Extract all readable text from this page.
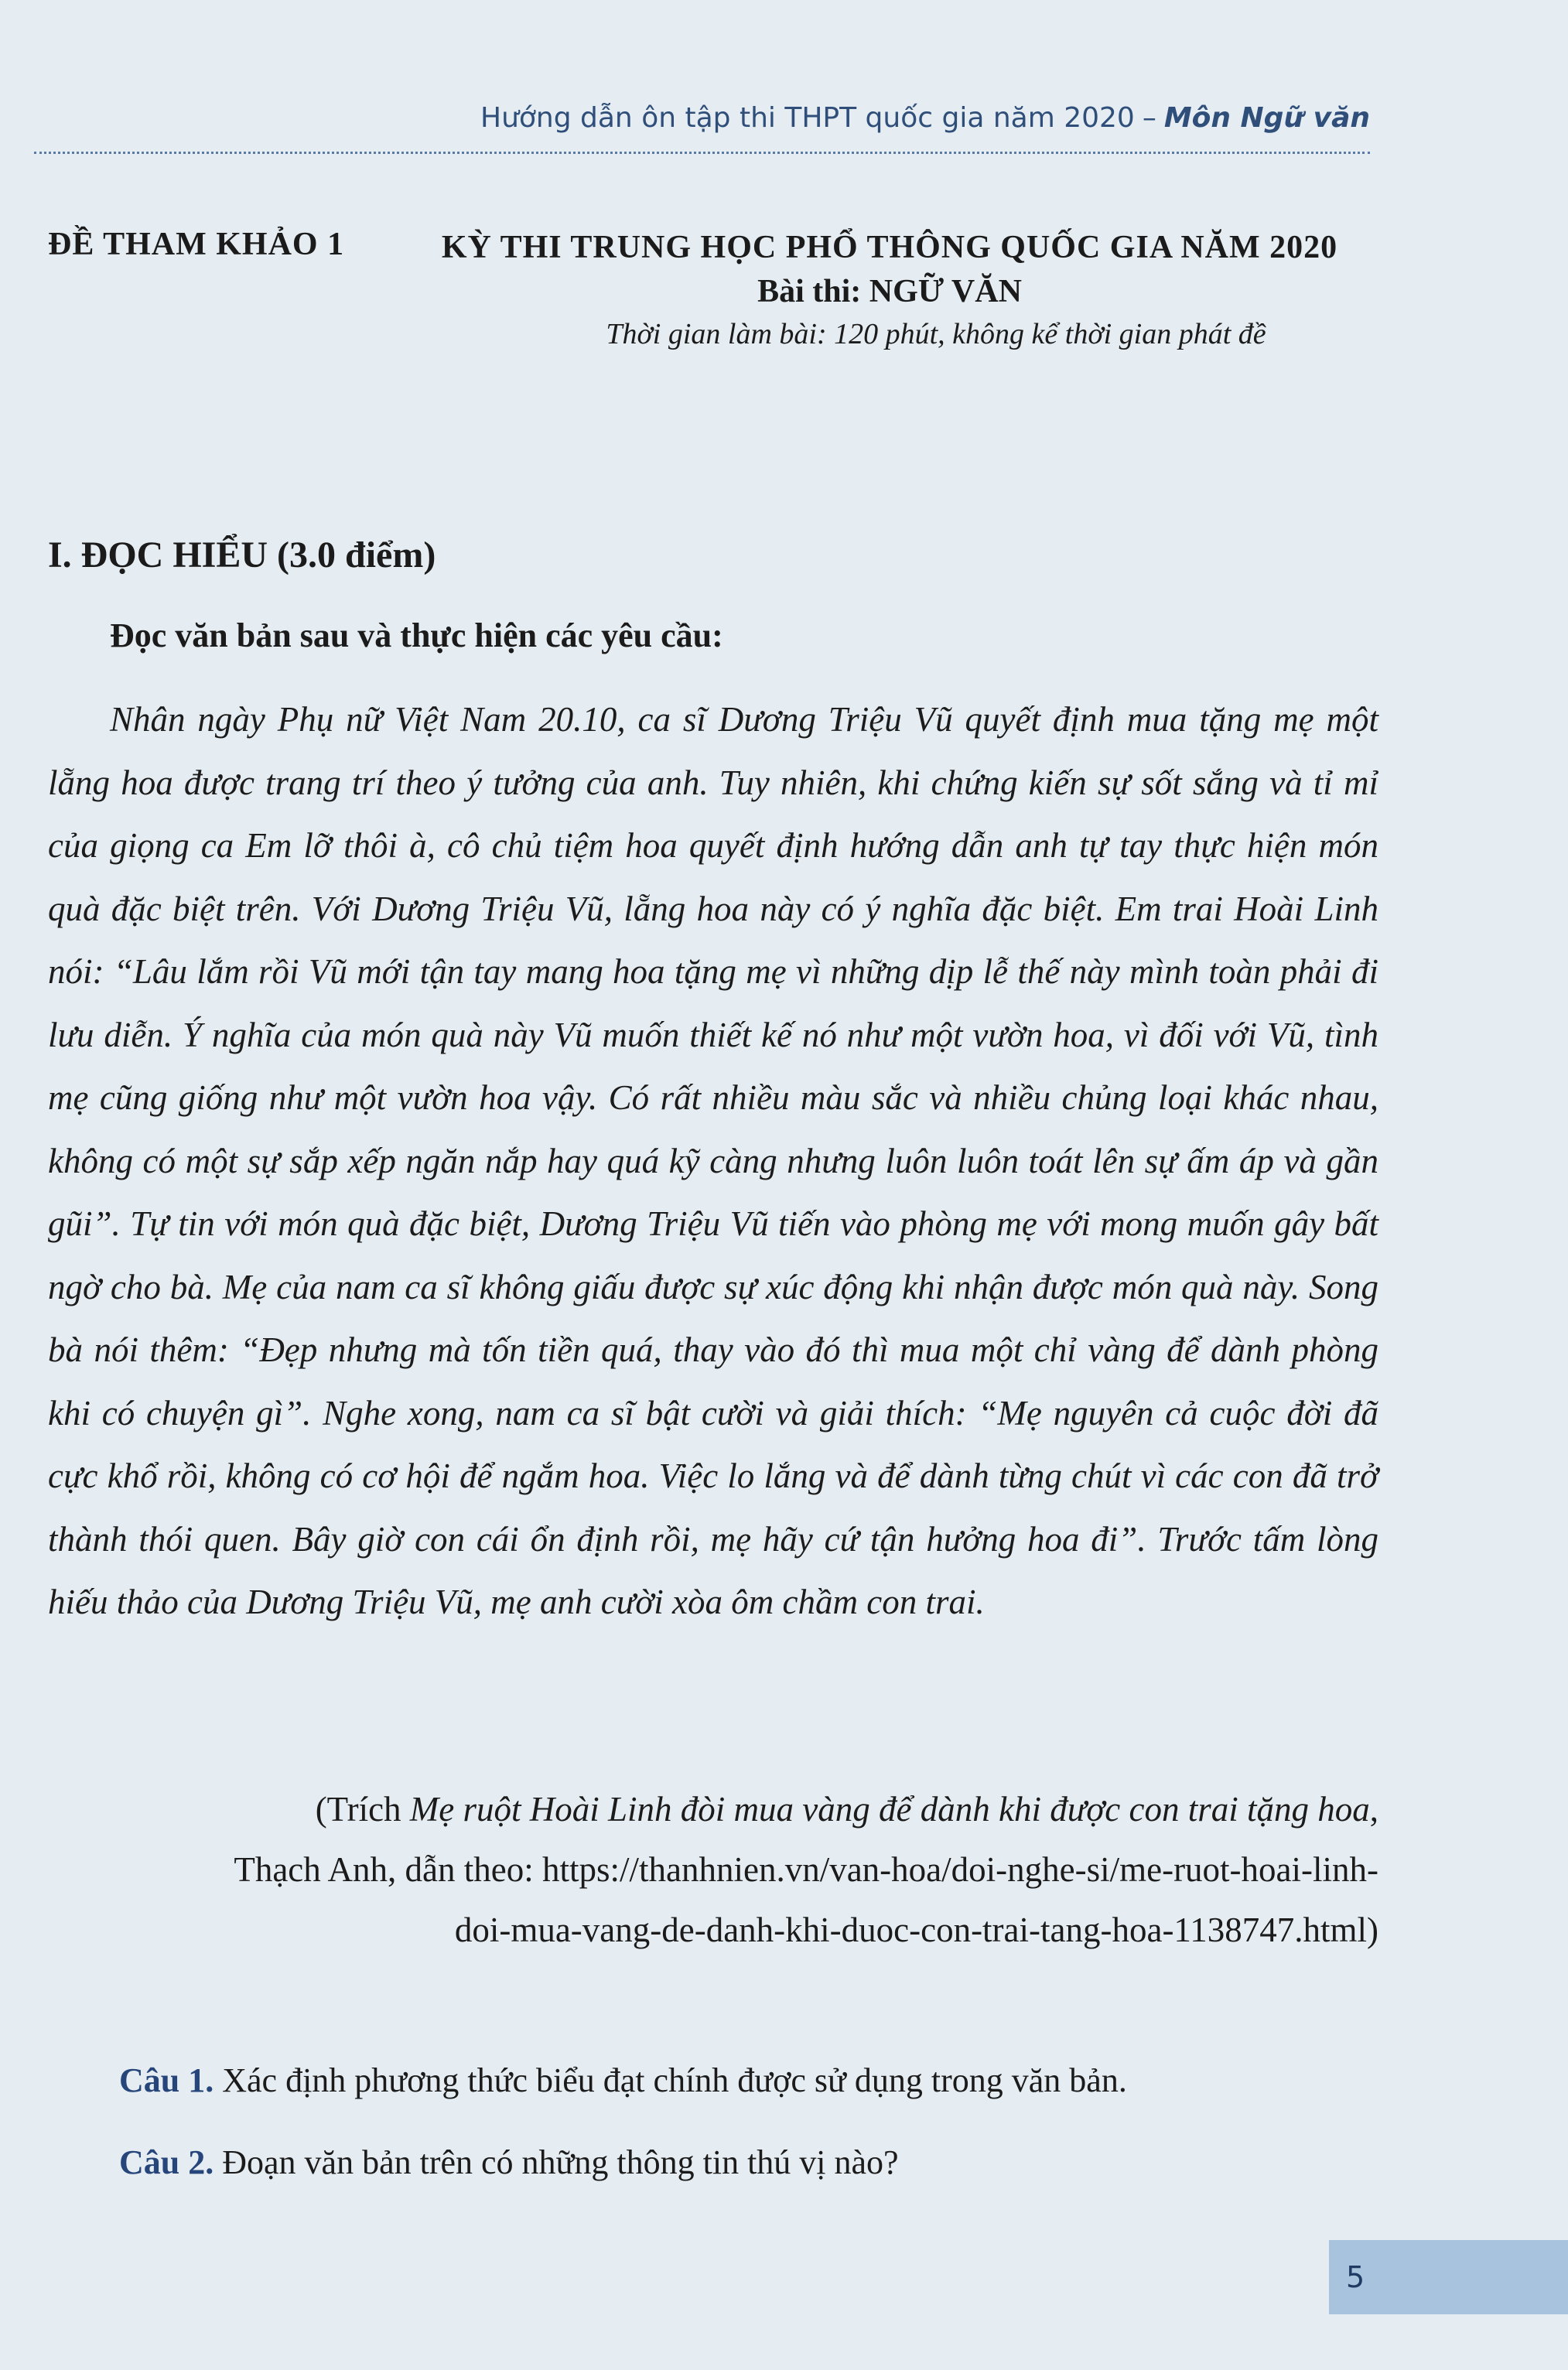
Hướng dẫn ôn tập thi THPT quốc gia năm 2020 – Môn Ngữ văn
ĐỀ THAM KHẢO 1	KỲ THI TRUNG HỌC PHỔ THÔNG QUỐC GIA NĂM 2020
Bài thi: NGỮ VĂN
Thời gian làm bài: 120 phút, không kể thời gian phát đề
I. ĐỌC HIỂU (3.0 điểm)
Đọc văn bản sau và thực hiện các yêu cầu:

Nhân ngày Phụ nữ Việt Nam 20.10, ca sĩ Dương Triệu Vũ quyết định mua tặng mẹ một lẵng hoa được trang trí theo ý tưởng của anh. Tuy nhiên, khi chứng kiến sự sốt sắng và tỉ mỉ của giọng ca Em lỡ thôi à, cô chủ tiệm hoa quyết định hướng dẫn anh tự tay thực hiện món quà đặc biệt trên. Với Dương Triệu Vũ, lẵng hoa này có ý nghĩa đặc biệt. Em trai Hoài Linh nói: “Lâu lắm rồi Vũ mới tận tay mang hoa tặng mẹ vì những dịp lễ thế này mình toàn phải đi lưu diễn. Ý nghĩa của món quà này Vũ muốn thiết kế nó như một vườn hoa, vì đối với Vũ, tình mẹ cũng giống như một vườn hoa vậy. Có rất nhiều màu sắc và nhiều chủng loại khác nhau, không có một sự sắp xếp ngăn nắp hay quá kỹ càng nhưng luôn luôn toát lên sự ấm áp và gần gũi”. Tự tin với món quà đặc biệt, Dương Triệu Vũ tiến vào phòng mẹ với mong muốn gây bất ngờ cho bà. Mẹ của nam ca sĩ không giấu được sự xúc động khi nhận được món quà này. Song bà nói thêm: “Đẹp nhưng mà tốn tiền quá, thay vào đó thì mua một chỉ vàng để dành phòng khi có chuyện gì”. Nghe xong, nam ca sĩ bật cười và giải thích: “Mẹ nguyên cả cuộc đời đã cực khổ rồi, không có cơ hội để ngắm hoa. Việc lo lắng và để dành từng chút vì các con đã trở thành thói quen. Bây giờ con cái ổn định rồi, mẹ hãy cứ tận hưởng hoa đi”. Trước tấm lòng hiếu thảo của Dương Triệu Vũ, mẹ anh cười xòa ôm chầm con trai.

(Trích Mẹ ruột Hoài Linh đòi mua vàng để dành khi được con trai tặng hoa,
Thạch Anh, dẫn theo: https://thanhnien.vn/van-hoa/doi-nghe-si/me-ruot-hoai-linh-
doi-mua-vang-de-danh-khi-duoc-con-trai-tang-hoa-1138747.html)

Câu 1. Xác định phương thức biểu đạt chính được sử dụng trong văn bản.
Câu 2. Đoạn văn bản trên có những thông tin thú vị nào?
5
